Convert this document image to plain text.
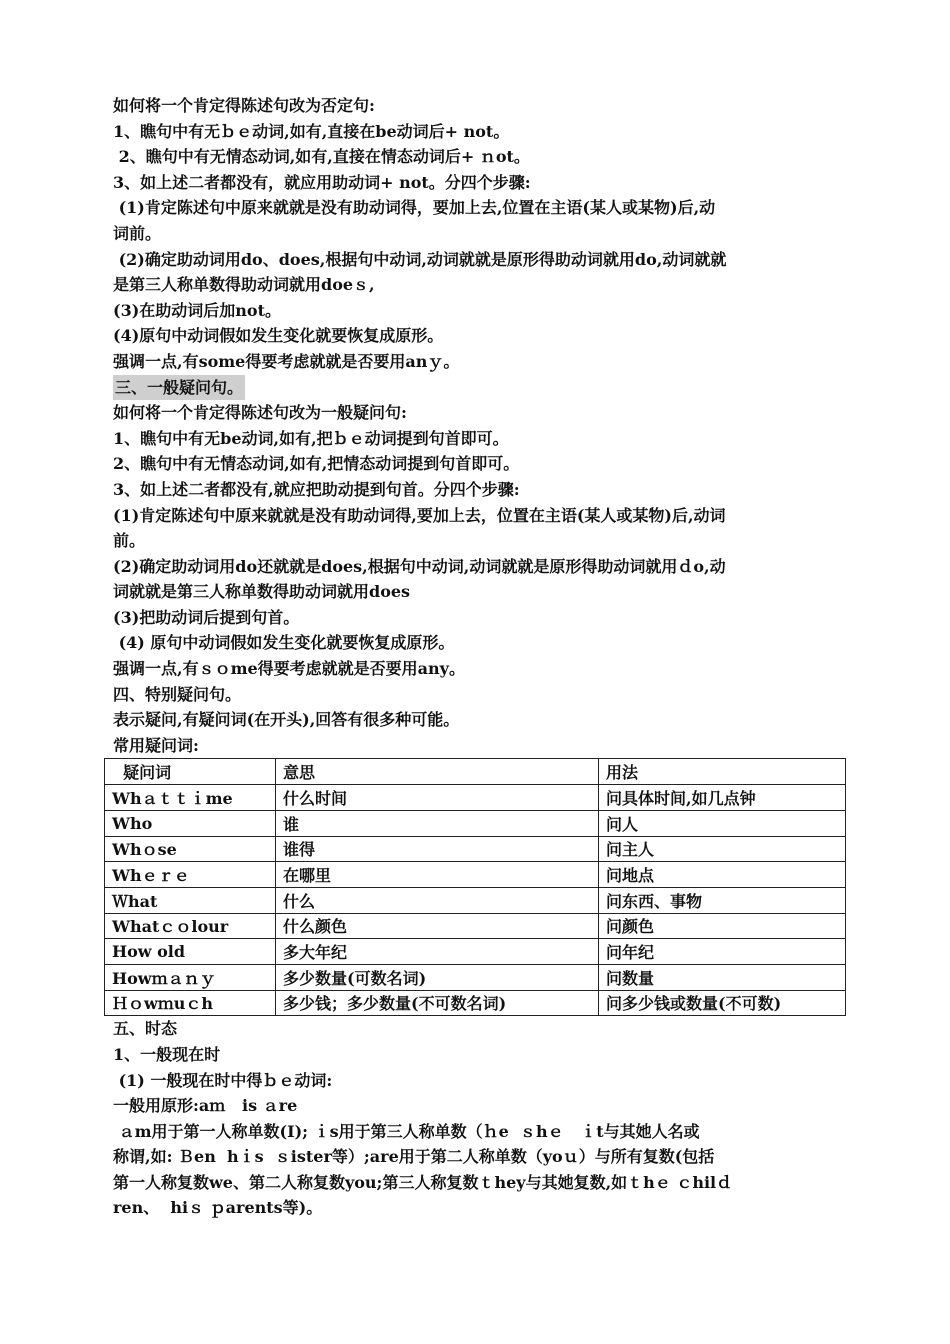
如何将一个肯定得陈述句改为否定句:

1、瞧句中有无ｂｅ动词,如有,直接在be动词后+ not。

2、瞧句中有无情态动词,如有,直接在情态动词后+ ｎot。

3、如上述二者都没有，就应用助动词+ not。分四个步骤:

(1)肯定陈述句中原来就就是没有助动词得，要加上去,位置在主语(某人或某物)后,动

词前。

(2)确定助动词用do、does,根据句中动词,动词就就是原形得助动词就用do,动词就就

是第三人称单数得助动词就用doeｓ,

(3)在助动词后加not。

(4)原句中动词假如发生变化就要恢复成原形。

强调一点,有some得要考虑就就是否要用anｙ。

三、一般疑问句。

如何将一个肯定得陈述句改为一般疑问句:

1、瞧句中有无be动词,如有,把ｂｅ动词提到句首即可。

2、瞧句中有无情态动词,如有,把情态动词提到句首即可。

3、如上述二者都没有,就应把助动提到句首。分四个步骤:

(1)肯定陈述句中原来就就是没有助动词得,要加上去，位置在主语(某人或某物)后,动词

前。

(2)确定助动词用do还就就是does,根据句中动词,动词就就是原形得助动词就用ｄo,动

词就就是第三人称单数得助动词就用does

(3)把助动词后提到句首。

(4) 原句中动词假如发生变化就要恢复成原形。

强调一点,有ｓｏme得要考虑就就是否要用any。

四、特别疑问句。

表示疑问,有疑问词(在开头),回答有很多种可能。

常用疑问词:

疑问词	意思	用法
Whａｔｔｉme	什么时间	问具体时间,如几点钟
Who	谁	问人
Whｏse	谁得	问主人
Whｅｒｅ	在哪里	问地点
Ｗhat	什么	问东西、事物
Whatｃｏlour	什么颜色	问颜色
How old	多大年纪	问年纪
Howｍａｎｙ	多少数量(可数名词)	问数量
Ｈｏwｍuｃh	多少钱；多少数量(不可数名词)	问多少钱或数量(不可数)

五、时态

1、一般现在时

(1) 一般现在时中得ｂｅ动词:

一般用原形:aｍ   is ａre

ａm用于第一人称单数(I); ｉs用于第三人称单数（ｈe  ｓhｅ   ｉt与其她人名或

称谓,如: Ｂen  hｉs  ｓister等）;are用于第二人称单数（yoｕ）与所有复数(包括

第一人称复数we、第二人称复数you;第三人称复数ｔhey与其她复数,如ｔhｅ ｃhilｄ

ren、  hiｓ ｐarents等)。
